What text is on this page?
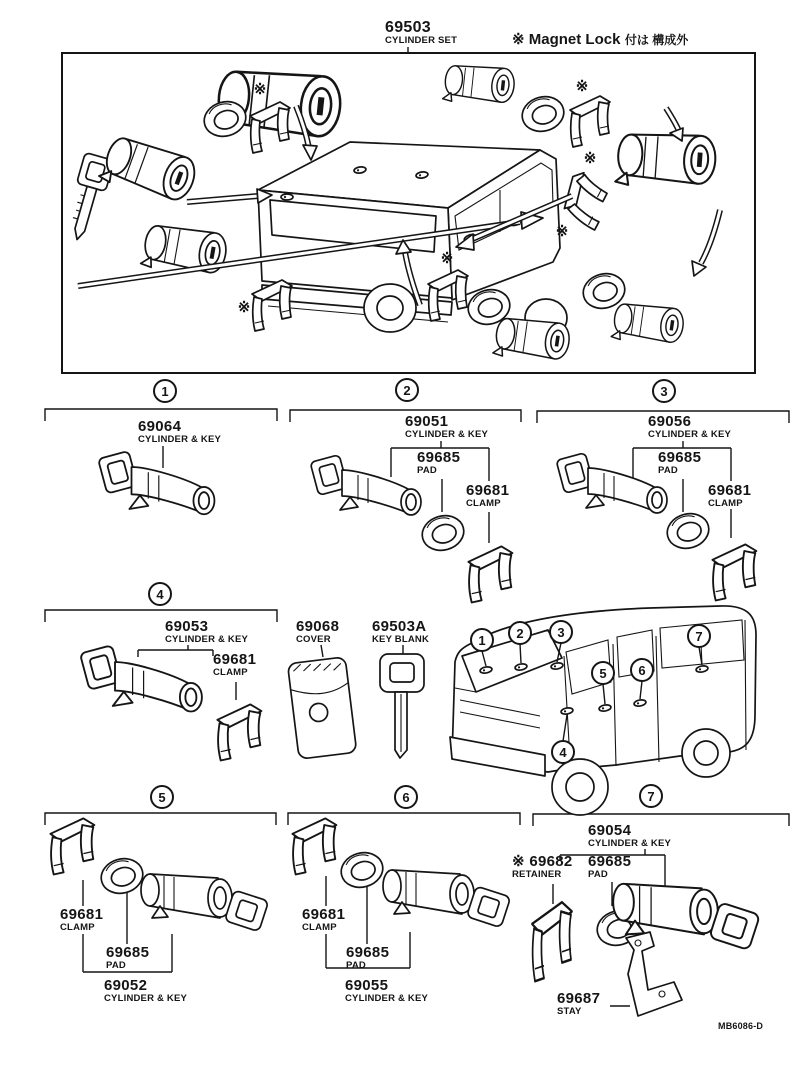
69503
CYLINDER SET	※ Magnet Lock 付は 構成外
1	2	3
4
5	6	7
1	2	3
4
5	6
7
※	※
※
※
※
※
69064
CYLINDER & KEY
69051
CYLINDER & KEY
69685
PAD
69681
CLAMP
69056
CYLINDER & KEY
69685
PAD
69681
CLAMP
69053
CYLINDER & KEY
69681
CLAMP
69068
COVER
69503A
KEY BLANK
69681
CLAMP
69685
PAD
69052
CYLINDER & KEY
69681
CLAMP
69685
PAD
69055
CYLINDER & KEY
69054
CYLINDER & KEY
※ 69682
RETAINER
69685
PAD
69687
STAY
MB6086-D
